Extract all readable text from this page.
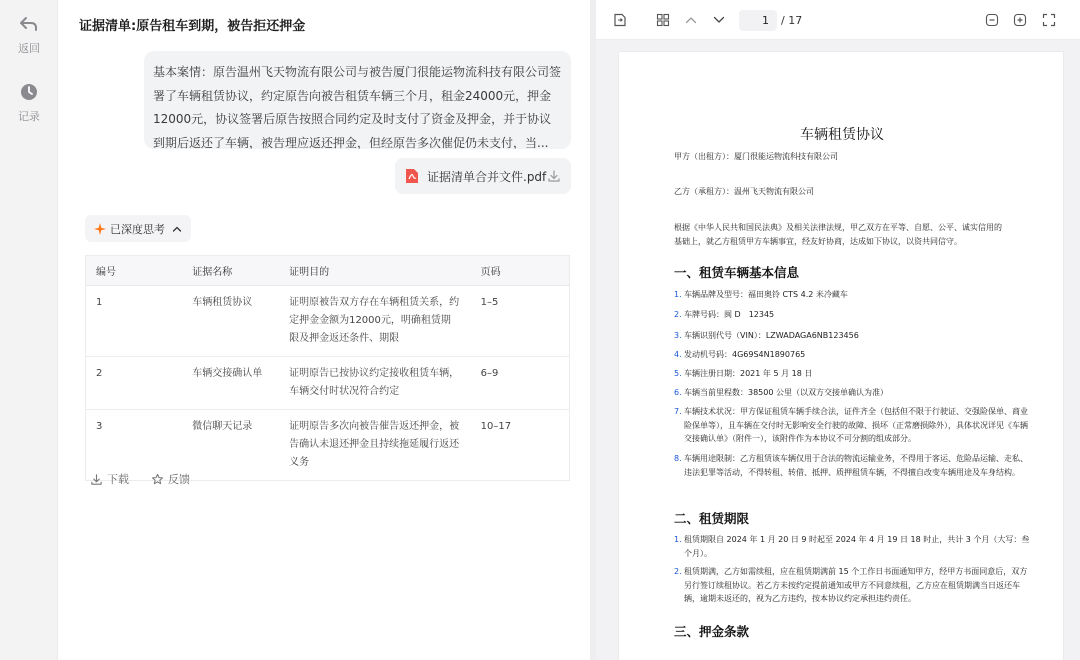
返回
记录
证据清单:原告租车到期，被告拒还押金
基本案情：原告温州飞天物流有限公司与被告厦门很能运物流科技有限公司签署了车辆租赁协议，约定原告向被告租赁车辆三个月，租金24000元，押金12000元，协议签署后原告按照合同约定及时支付了资金及押金，并于协议到期后返还了车辆，被告理应返还押金，但经原告多次催促仍未支付，当...
证据清单合并文件.pdf
已深度思考
编号	证据名称	证明目的	页码
1	车辆租赁协议	证明原被告双方存在车辆租赁关系，约定押金金额为12000元，明确租赁期限及押金返还条件、期限	1–5
2	车辆交接确认单	证明原告已按协议约定接收租赁车辆，车辆交付时状况符合约定	6–9
3	微信聊天记录	证明原告多次向被告催告返还押金，被告确认未退还押金且持续拖延履行返还义务	10–17
下载	反馈
1	/ 17
车辆租赁协议
甲方（出租方）：厦门很能运物流科技有限公司
乙方（承租方）：温州飞天物流有限公司
根据《中华人民共和国民法典》及相关法律法规，甲乙双方在平等、自愿、公平、诚实信用的
基础上，就乙方租赁甲方车辆事宜，经友好协商，达成如下协议，以资共同信守。
一、租赁车辆基本信息
1. 车辆品牌及型号：福田奥铃 CTS 4.2 米冷藏车
2. 车牌号码：闽 D　12345
3. 车辆识别代号（VIN）：LZWADAGA6NB123456
4. 发动机号码：4G69S4N1890765
5. 车辆注册日期：2021 年 5 月 18 日
6. 车辆当前里程数：38500 公里（以双方交接单确认为准）
7. 车辆技术状况：甲方保证租赁车辆手续合法，证件齐全（包括但不限于行驶证、交强险保单、商业险保单等），且车辆在交付时无影响安全行驶的故障、损坏（正常磨损除外），具体状况详见《车辆交接确认单》（附件一），该附件作为本协议不可分割的组成部分。
8. 车辆用途限制：乙方租赁该车辆仅用于合法的物流运输业务，不得用于客运、危险品运输、走私、违法犯罪等活动，不得转租、转借、抵押、质押租赁车辆，不得擅自改变车辆用途及车身结构。
二、租赁期限
1. 租赁期限自 2024 年 1 月 20 日 9 时起至 2024 年 4 月 19 日 18 时止，共计 3 个月（大写：叁个月）。
2. 租赁期满，乙方如需续租，应在租赁期满前 15 个工作日书面通知甲方，经甲方书面同意后，双方另行签订续租协议。若乙方未按约定提前通知或甲方不同意续租，乙方应在租赁期满当日返还车辆，逾期未返还的，视为乙方违约，按本协议约定承担违约责任。
三、押金条款
